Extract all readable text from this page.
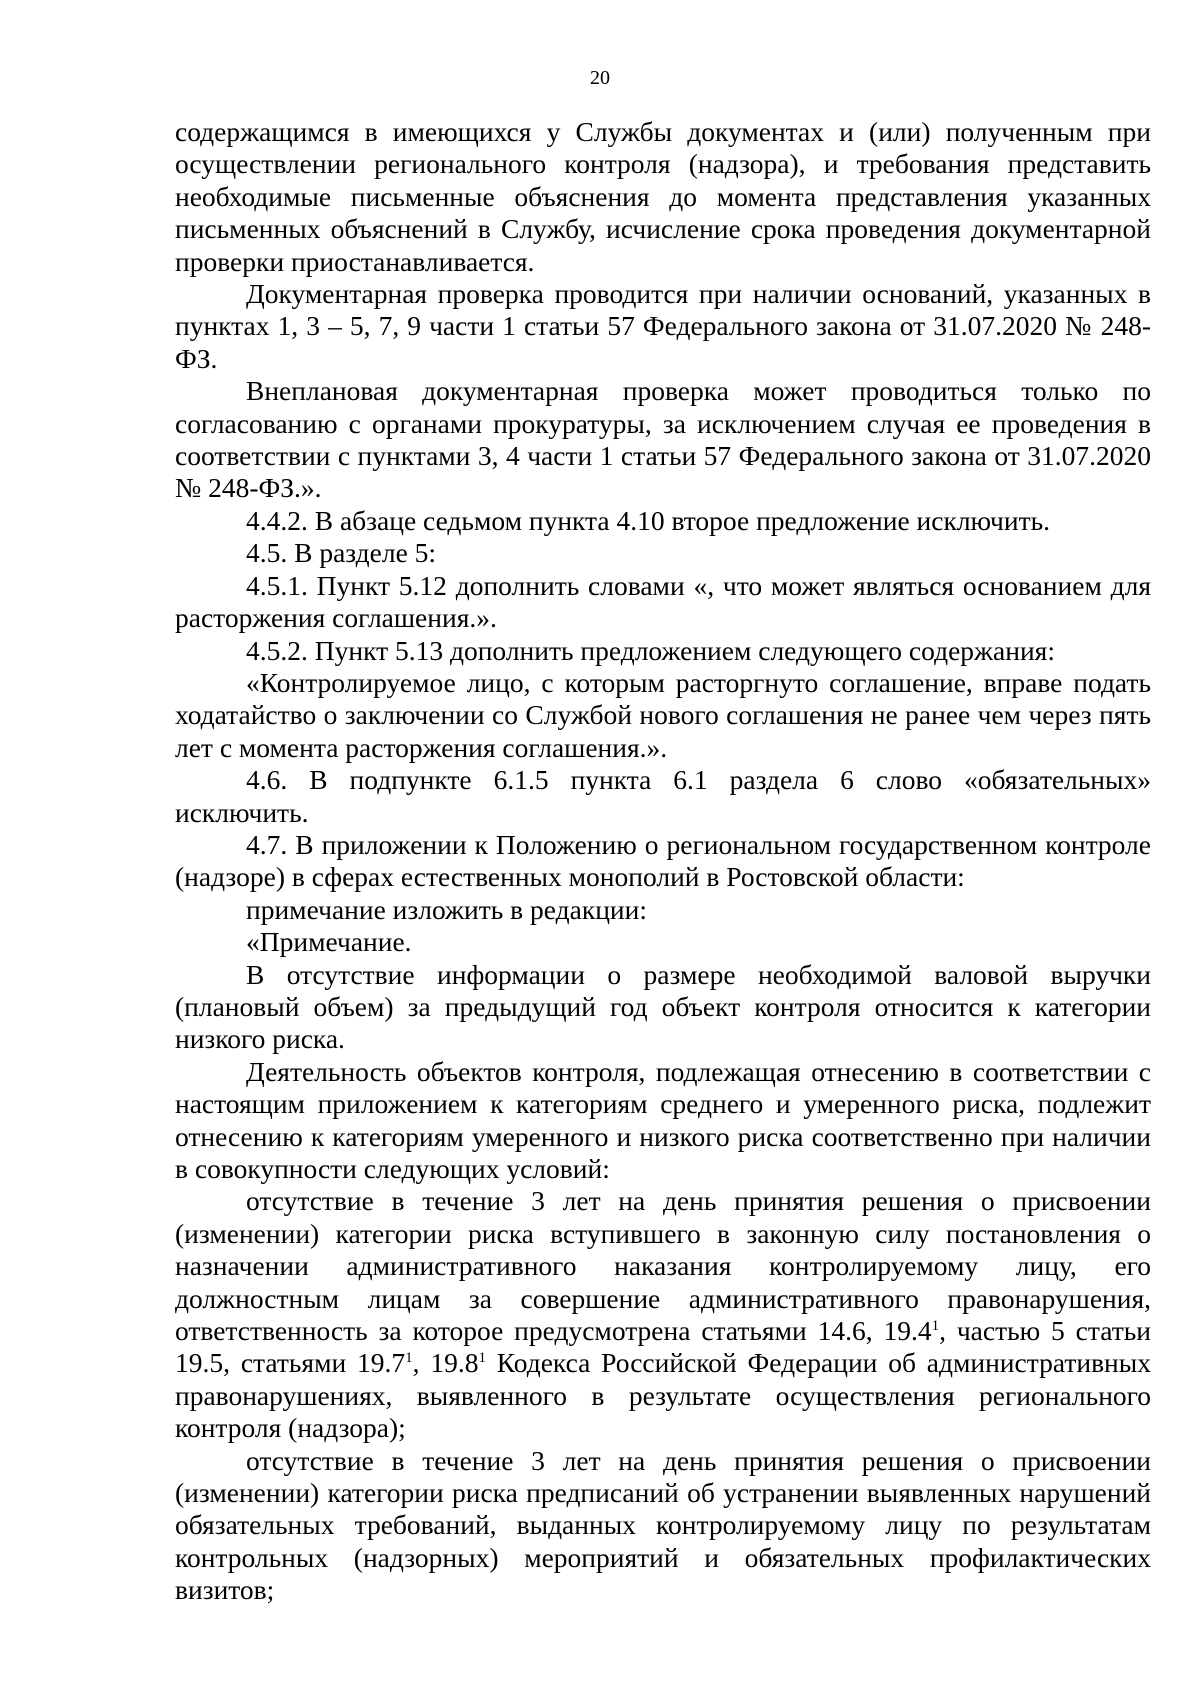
20

содержащимся в имеющихся у Службы документах и (или) полученным при осуществлении регионального контроля (надзора), и требования представить необходимые письменные объяснения до момента представления указанных письменных объяснений в Службу, исчисление срока проведения документарной проверки приостанавливается.

Документарная проверка проводится при наличии оснований, указанных в пунктах 1, 3 – 5, 7, 9 части 1 статьи 57 Федерального закона от 31.07.2020 № 248-ФЗ.

Внеплановая документарная проверка может проводиться только по согласованию с органами прокуратуры, за исключением случая ее проведения в соответствии с пунктами 3, 4 части 1 статьи 57 Федерального закона от 31.07.2020 № 248-ФЗ.».

4.4.2. В абзаце седьмом пункта 4.10 второе предложение исключить.

4.5. В разделе 5:

4.5.1. Пункт 5.12 дополнить словами «, что может являться основанием для расторжения соглашения.».

4.5.2. Пункт 5.13 дополнить предложением следующего содержания:

«Контролируемое лицо, с которым расторгнуто соглашение, вправе подать ходатайство о заключении со Службой нового соглашения не ранее чем через пять лет с момента расторжения соглашения.».

4.6. В подпункте 6.1.5 пункта 6.1 раздела 6 слово «обязательных» исключить.

4.7. В приложении к Положению о региональном государственном контроле (надзоре) в сферах естественных монополий в Ростовской области:

примечание изложить в редакции:

«Примечание.

В отсутствие информации о размере необходимой валовой выручки (плановый объем) за предыдущий год объект контроля относится к категории низкого риска.

Деятельность объектов контроля, подлежащая отнесению в соответствии с настоящим приложением к категориям среднего и умеренного риска, подлежит отнесению к категориям умеренного и низкого риска соответственно при наличии в совокупности следующих условий:

отсутствие в течение 3 лет на день принятия решения о присвоении (изменении) категории риска вступившего в законную силу постановления о назначении административного наказания контролируемому лицу, его должностным лицам за совершение административного правонарушения, ответственность за которое предусмотрена статьями 14.6, 19.4$^1$, частью 5 статьи 19.5, статьями 19.7$^1$, 19.8$^1$ Кодекса Российской Федерации об административных правонарушениях, выявленного в результате осуществления регионального контроля (надзора);

отсутствие в течение 3 лет на день принятия решения о присвоении (изменении) категории риска предписаний об устранении выявленных нарушений обязательных требований, выданных контролируемому лицу по результатам контрольных (надзорных) мероприятий и обязательных профилактических визитов;
